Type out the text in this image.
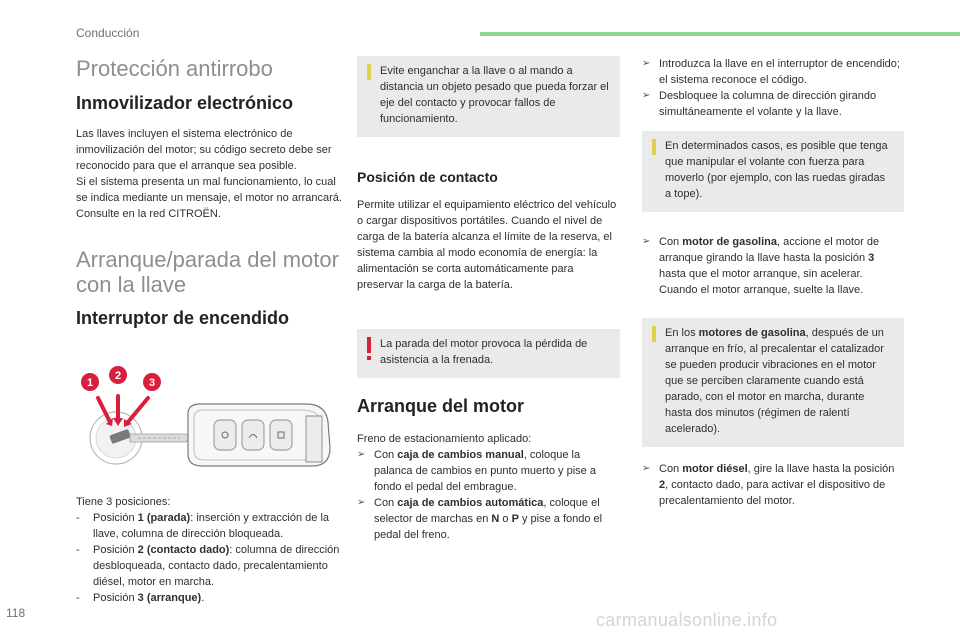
Conducción
Protección antirrobo
Inmovilizador electrónico
Las llaves incluyen el sistema electrónico de inmovilización del motor; su código secreto debe ser reconocido para que el arranque sea posible.
Si el sistema presenta un mal funcionamiento, lo cual se indica mediante un mensaje, el motor no arrancará.
Consulte en la red CITROËN.
Arranque/parada del motor con la llave
Interruptor de encendido
1
2
3
Tiene 3 posiciones:
- Posición 1 (parada): inserción y extracción de la llave, columna de dirección bloqueada.
- Posición 2 (contacto dado): columna de dirección desbloqueada, contacto dado, precalentamiento diésel, motor en marcha.
- Posición 3 (arranque).
Evite enganchar a la llave o al mando a distancia un objeto pesado que pueda forzar el eje del contacto y provocar fallos de funcionamiento.
Posición de contacto
Permite utilizar el equipamiento eléctrico del vehículo o cargar dispositivos portátiles. Cuando el nivel de carga de la batería alcanza el límite de la reserva, el sistema cambia al modo economía de energía: la alimentación se corta automáticamente para preservar la carga de la batería.
La parada del motor provoca la pérdida de asistencia a la frenada.
Arranque del motor
Freno de estacionamiento aplicado:
➢ Con caja de cambios manual, coloque la palanca de cambios en punto muerto y pise a fondo el pedal del embrague.
➢ Con caja de cambios automática, coloque el selector de marchas en N o P y pise a fondo el pedal del freno.
➢ Introduzca la llave en el interruptor de encendido; el sistema reconoce el código.
➢ Desbloquee la columna de dirección girando simultáneamente el volante y la llave.
En determinados casos, es posible que tenga que manipular el volante con fuerza para moverlo (por ejemplo, con las ruedas giradas a tope).
➢ Con motor de gasolina, accione el motor de arranque girando la llave hasta la posición 3 hasta que el motor arranque, sin acelerar. Cuando el motor arranque, suelte la llave.
En los motores de gasolina, después de un arranque en frío, al precalentar el catalizador se pueden producir vibraciones en el motor que se perciben claramente cuando está parado, con el motor en marcha, durante hasta dos minutos (régimen de ralentí acelerado).
➢ Con motor diésel, gire la llave hasta la posición 2, contacto dado, para activar el dispositivo de precalentamiento del motor.
118	carmanualsonline.info
